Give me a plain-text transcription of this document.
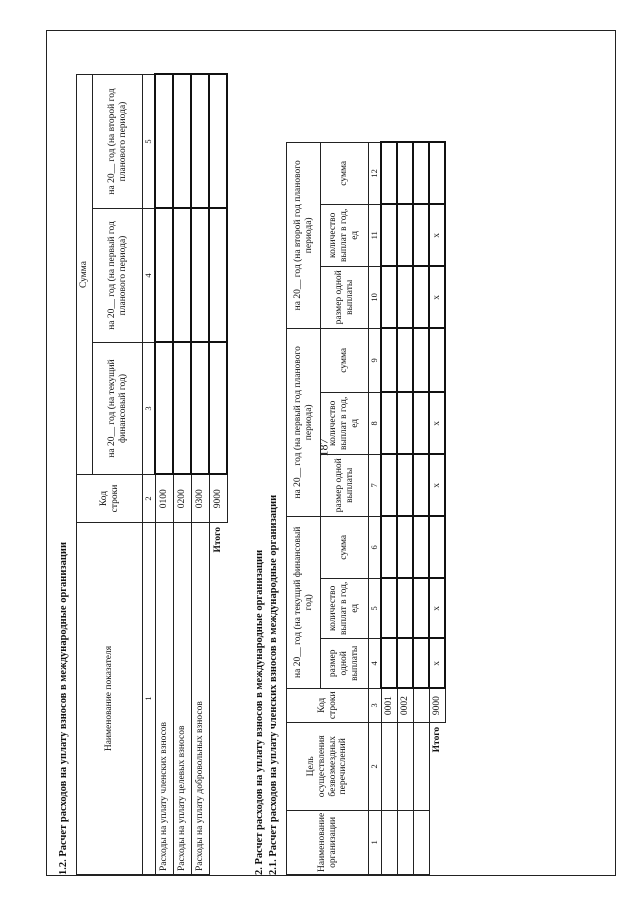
187
1.2. Расчет расходов на уплату взносов в международные организации	Наименование показателя	Код строки	Сумма		
		на 20__ год (на текущий финансовый год)	на 20__ год (на первый год планового периода)	на 20__ год (на второй год планового периода)
1	2	3	4	5
Расходы на уплату членских взносов	0100			
Расходы на уплату целевых взносов	0200			
Расходы на уплату добровольных взносов	0300			
Итого	9000			
2. Расчет расходов на уплату взносов в международные организации 2.1. Расчет расходов на уплату членских взносов в международные организации	Наименование организации	Цель осуществления безвозмездных перечислений	Код строки	на 20__ год (на текущий финансовый год)			на 20__ год (на первый год планового периода)			на 20__ год (на второй год планового периода)		
			размер одной выплаты	количество выплат в год, ед	сумма	размер одной выплаты	количество выплат в год, ед	сумма	размер одной выплаты	количество выплат в год, ед	сумма
1	2	3	4	5	6	7	8	9	10	11	12
		0001									
		0002									

Итого		9000	х	х		х	х		х	х	
